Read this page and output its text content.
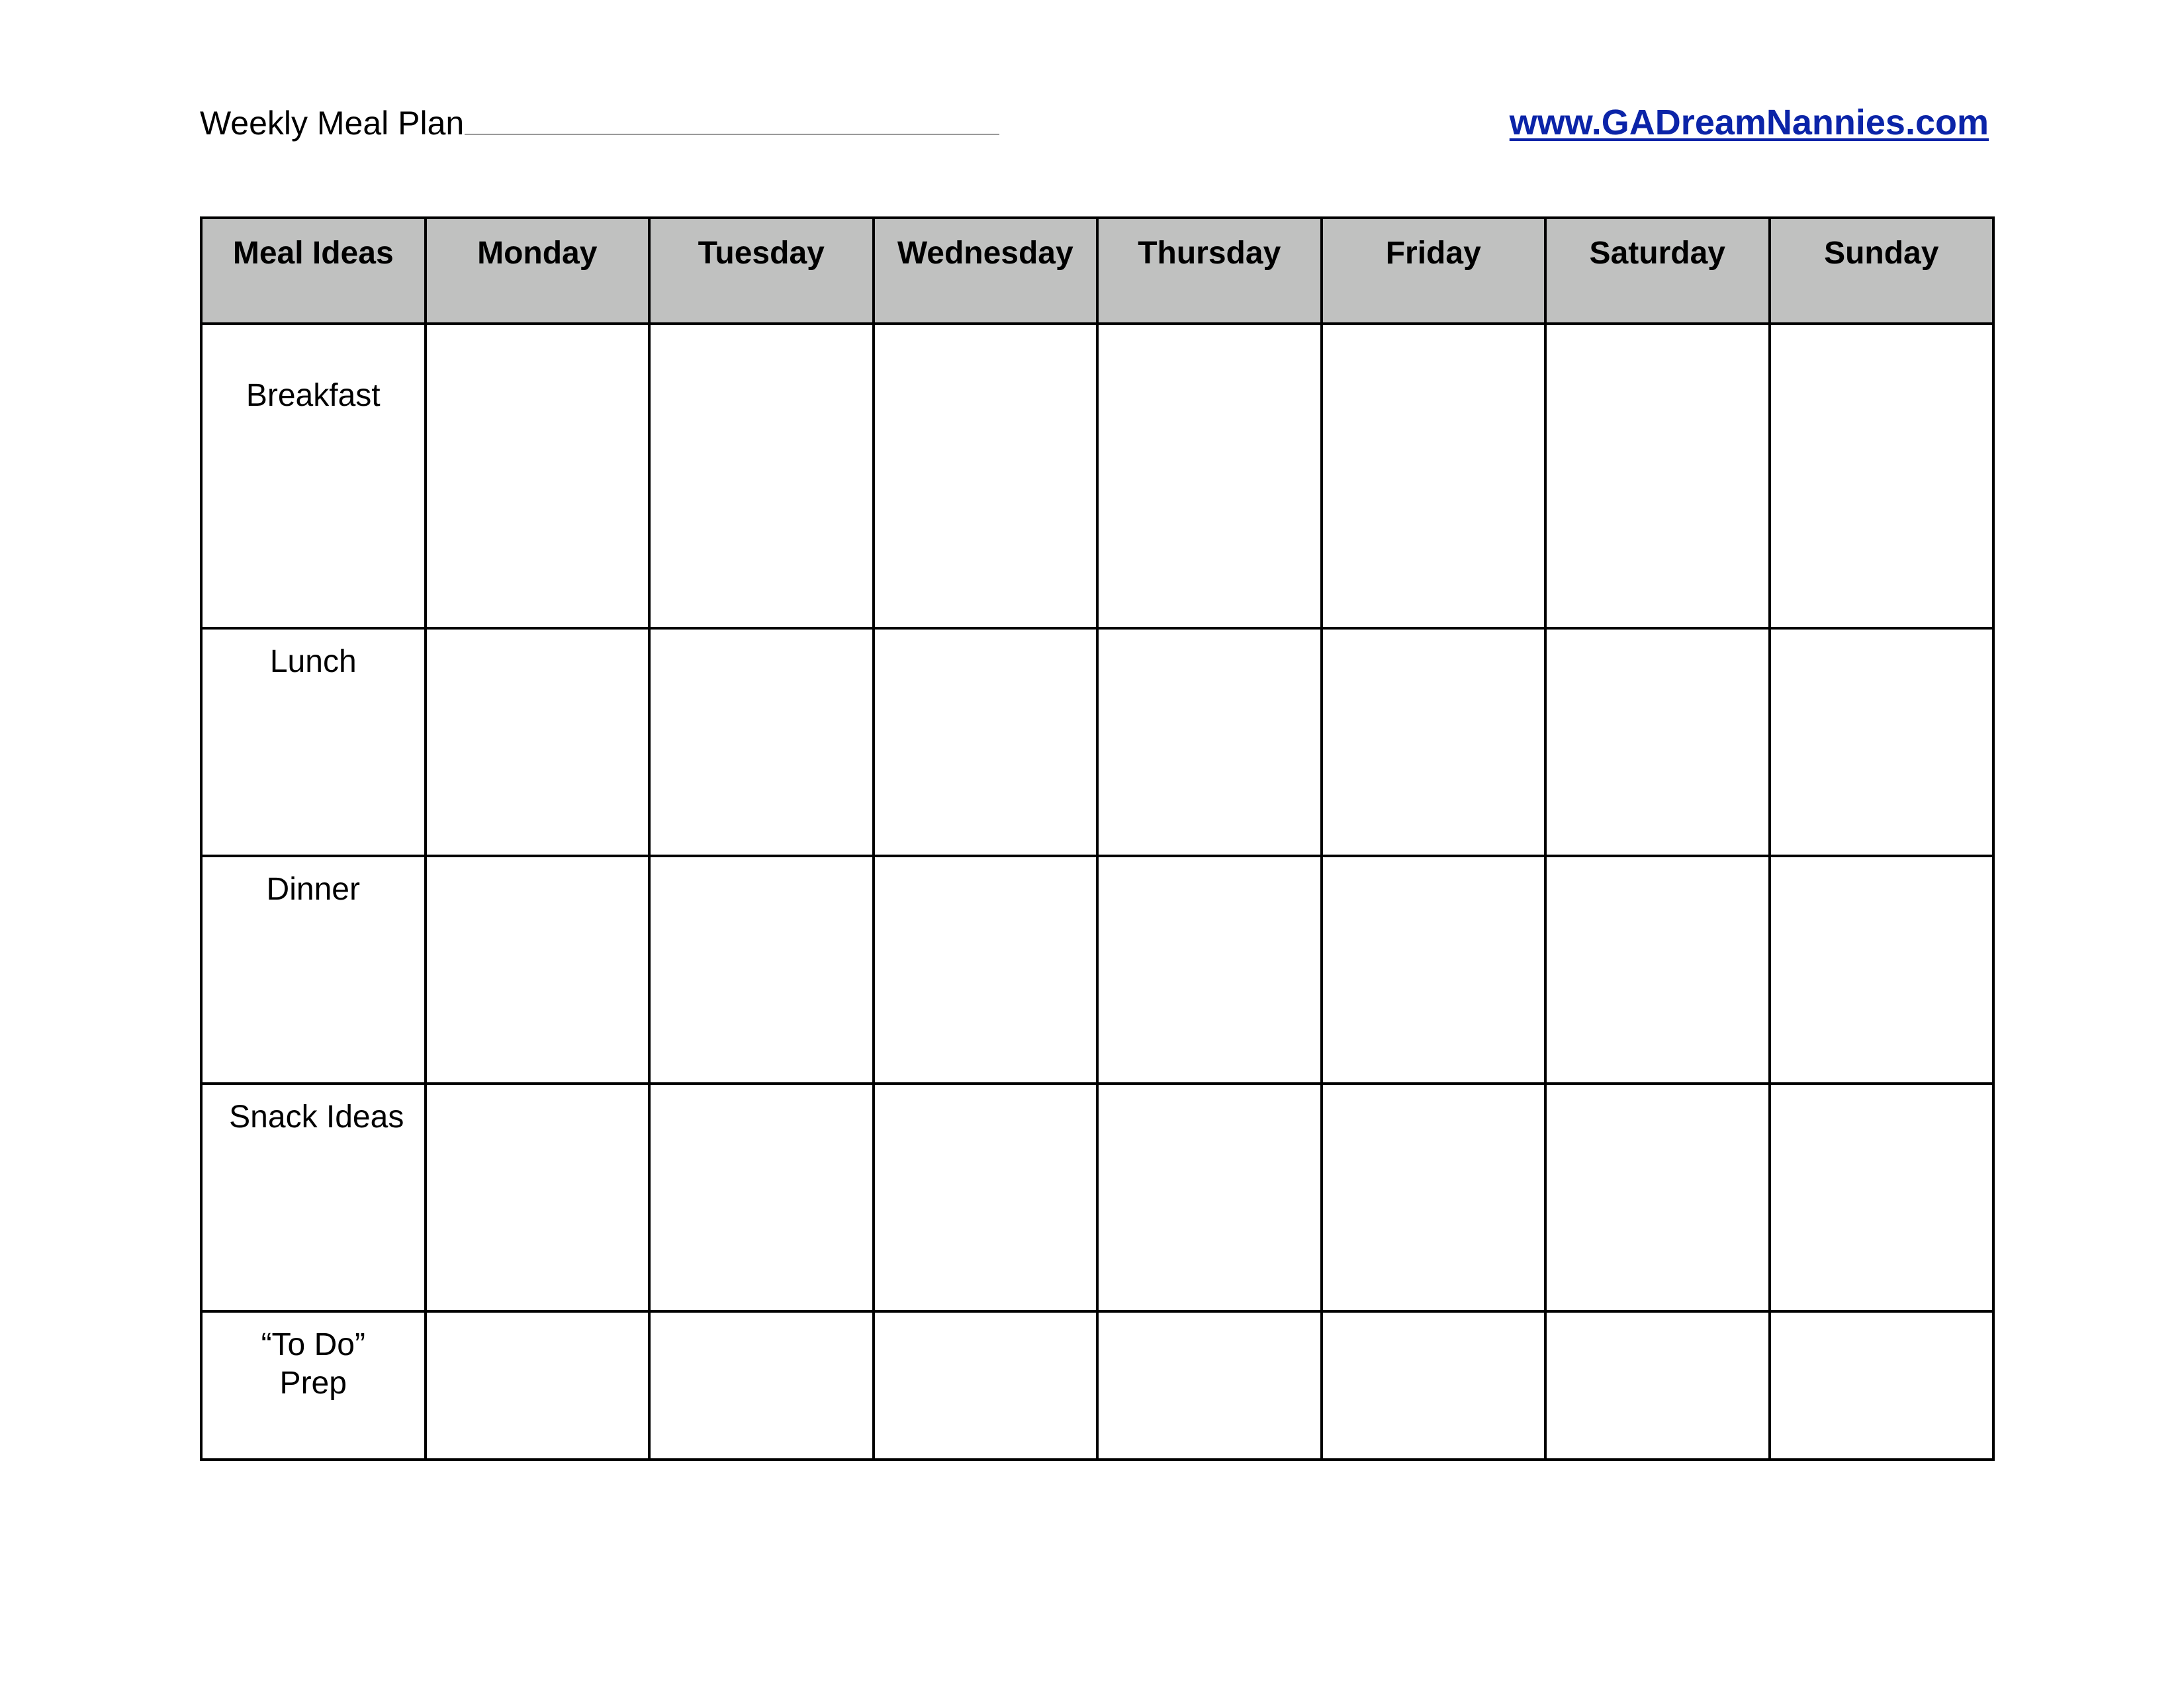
Weekly Meal Plan	www.GADreamNannies.com
Meal Ideas	Monday	Tuesday	Wednesday	Thursday	Friday	Saturday	Sunday

Breakfast							

Lunch							

Dinner							

Snack Ideas							

“To Do”
Prep							
